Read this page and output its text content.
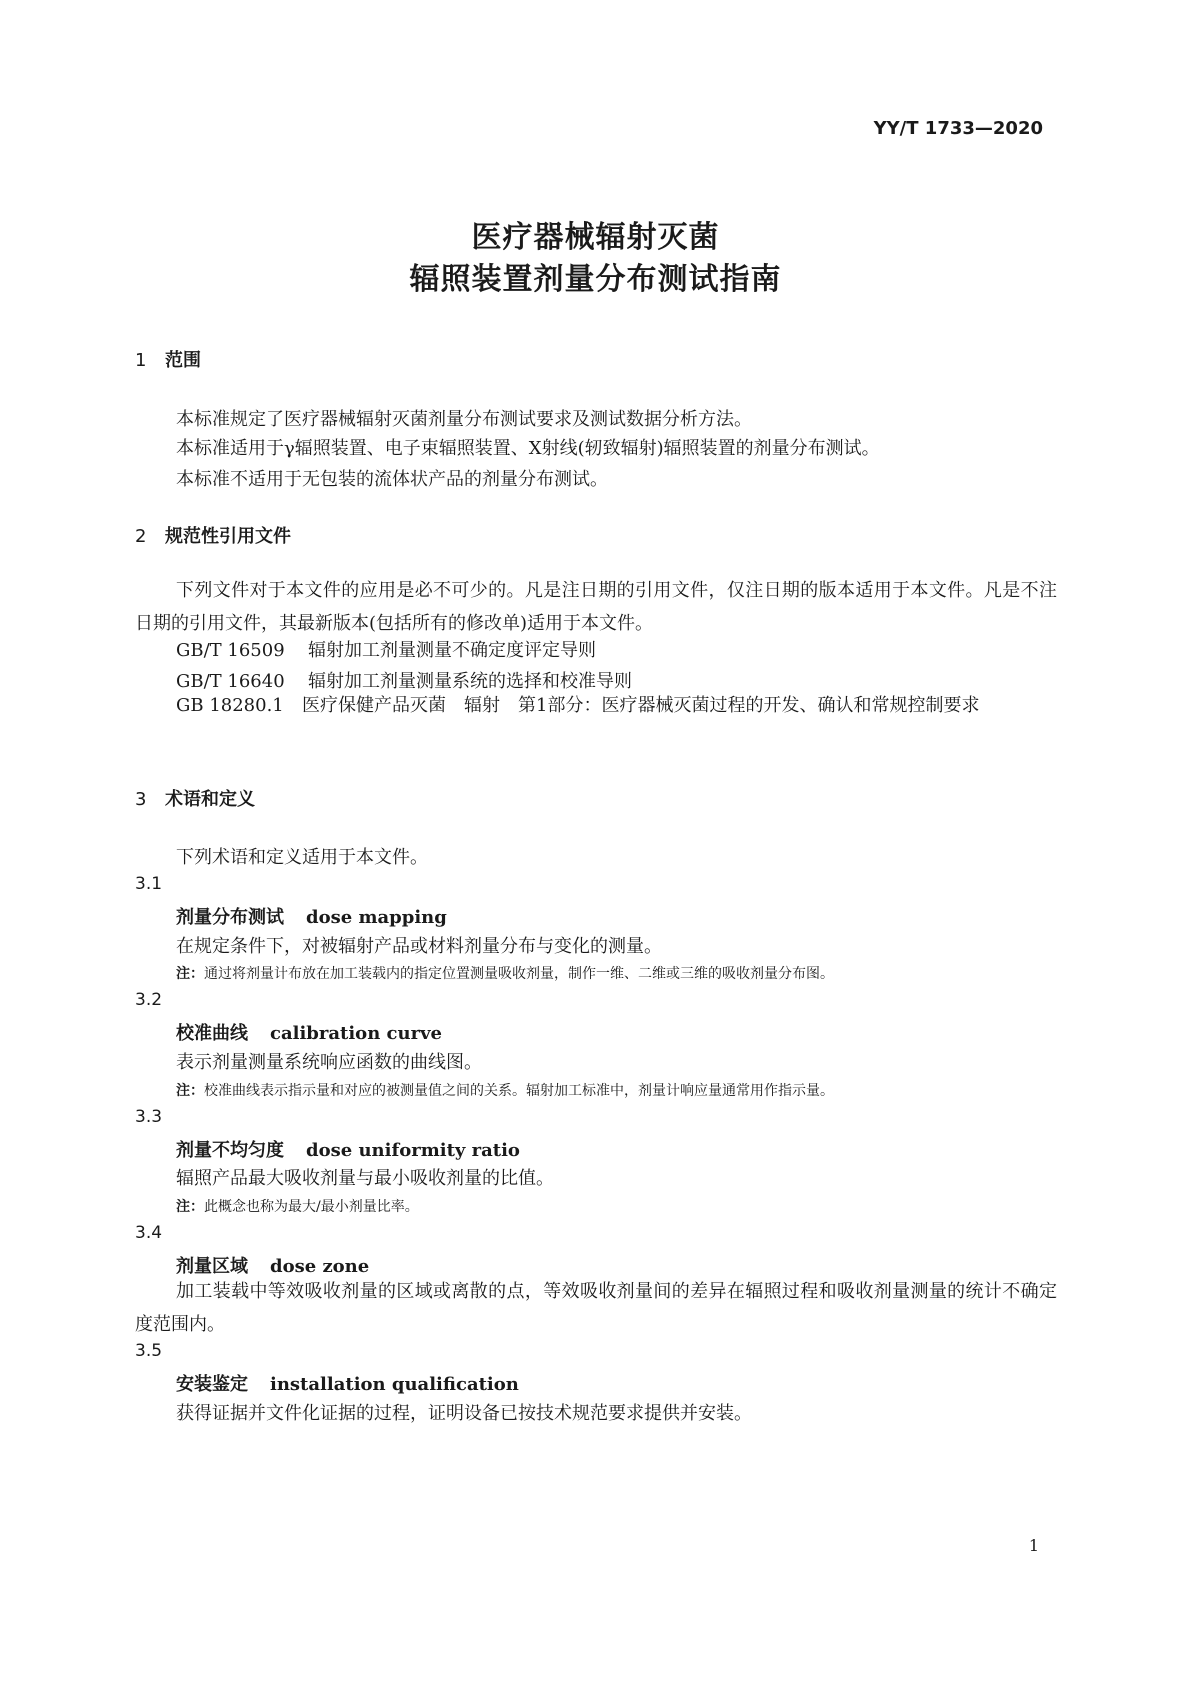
YY/T 1733—2020
医疗器械辐射灭菌
辐照装置剂量分布测试指南
1 范围
本标准规定了医疗器械辐射灭菌剂量分布测试要求及测试数据分析方法。
本标准适用于γ辐照装置、电子束辐照装置、X射线(轫致辐射)辐照装置的剂量分布测试。
本标准不适用于无包装的流体状产品的剂量分布测试。
2 规范性引用文件
下列文件对于本文件的应用是必不可少的。凡是注日期的引用文件，仅注日期的版本适用于本文件。凡是不注日期的引用文件，其最新版本(包括所有的修改单)适用于本文件。
GB/T 16509 辐射加工剂量测量不确定度评定导则
GB/T 16640 辐射加工剂量测量系统的选择和校准导则
GB 18280.1 医疗保健产品灭菌　辐射　第1部分：医疗器械灭菌过程的开发、确认和常规控制要求
3 术语和定义
下列术语和定义适用于本文件。
3.1
剂量分布测试 dose mapping
在规定条件下，对被辐射产品或材料剂量分布与变化的测量。
注：通过将剂量计布放在加工装载内的指定位置测量吸收剂量，制作一维、二维或三维的吸收剂量分布图。
3.2
校准曲线 calibration curve
表示剂量测量系统响应函数的曲线图。
注：校准曲线表示指示量和对应的被测量值之间的关系。辐射加工标准中，剂量计响应量通常用作指示量。
3.3
剂量不均匀度 dose uniformity ratio
辐照产品最大吸收剂量与最小吸收剂量的比值。
注：此概念也称为最大/最小剂量比率。
3.4
剂量区域 dose zone
加工装载中等效吸收剂量的区域或离散的点，等效吸收剂量间的差异在辐照过程和吸收剂量测量的统计不确定度范围内。
3.5
安装鉴定 installation qualification
获得证据并文件化证据的过程，证明设备已按技术规范要求提供并安装。
1
